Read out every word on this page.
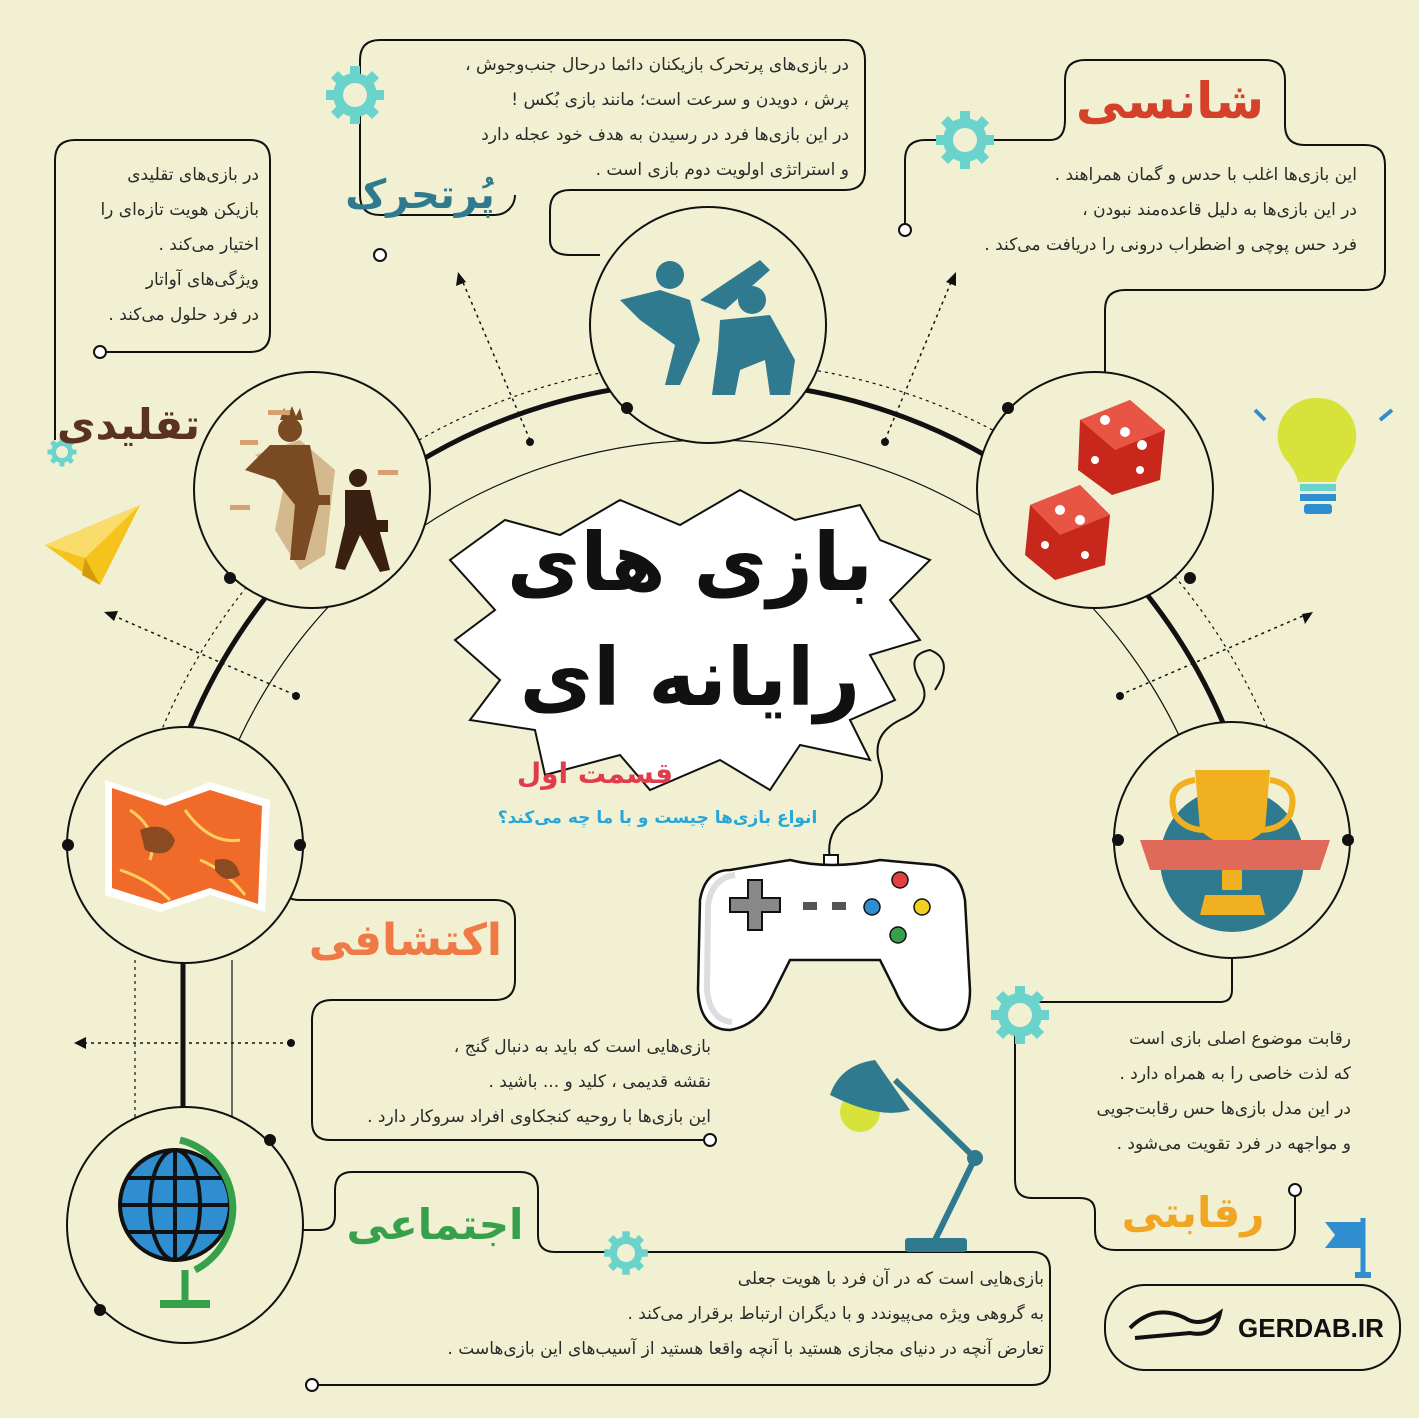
بازی های
رایانه ای
قسمت اول
انواع بازی‌ها چیست و با ما چه می‌کند؟
پُرتحرک
شانسی
تقلیدی
اکتشافی
رقابتی
اجتماعی
در بازی‌های پرتحرک بازیکنان دائما درحال جنب‌وجوش ،
پرش ، دویدن و سرعت است؛ مانند بازی بُکس !
در این بازی‌ها فرد در رسیدن به هدف خود عجله دارد
و استراتژی اولویت دوم بازی است .	این بازی‌ها اغلب با حدس و گمان همراهند .
در این بازی‌ها به دلیل قاعده‌مند نبودن ،
فرد حس پوچی و اضطراب درونی را دریافت می‌کند .
در بازی‌های تقلیدی
بازیکن هویت تازه‌ای را
اختیار می‌کند .
ویژگی‌های آواتار
در فرد حلول می‌کند .
بازی‌هایی است که باید به دنبال گنج ،
نقشه قدیمی ، کلید و ... باشید .
این بازی‌ها با روحیه کنجکاوی افراد سروکار دارد .
رقابت موضوع اصلی بازی است
که لذت خاصی را به همراه دارد .
در این مدل بازی‌ها حس رقابت‌جویی
و مواجهه در فرد تقویت می‌شود .
بازی‌هایی است که در آن فرد با هویت جعلی
به گروهی ویژه می‌پیوندد و با دیگران ارتباط برقرار می‌کند .
تعارض آنچه در دنیای مجازی هستید با آنچه واقعا هستید از آسیب‌های این بازی‌هاست .
GERDAB.IR
